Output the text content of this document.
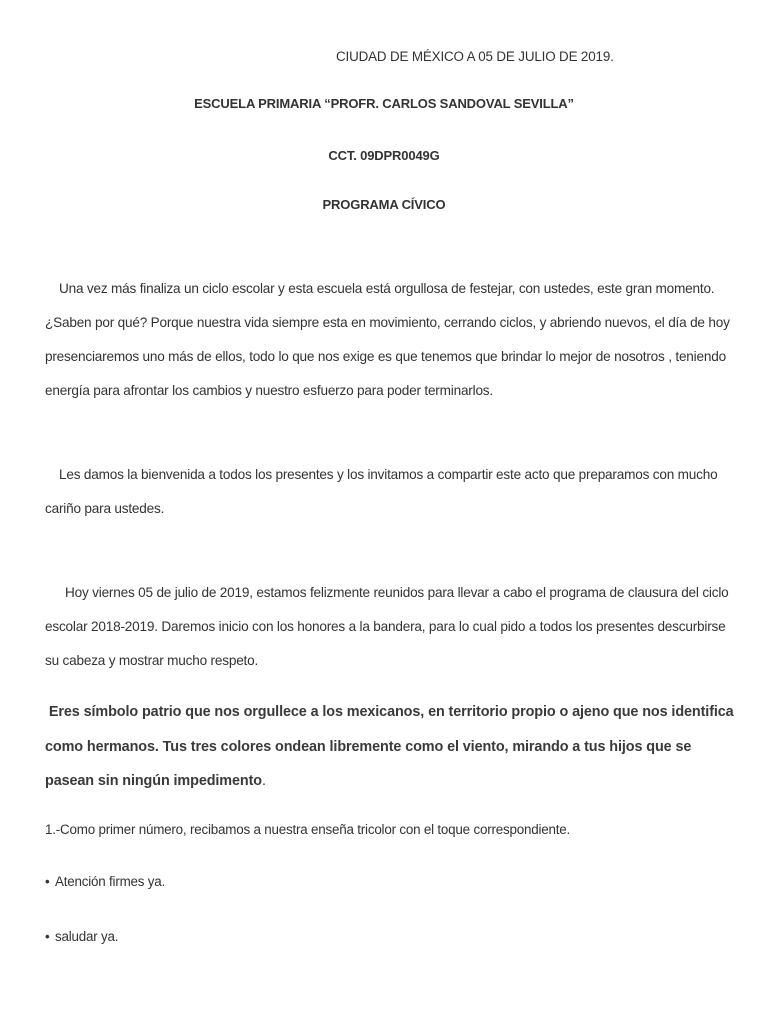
CIUDAD DE MÉXICO A 05 DE JULIO DE 2019.
ESCUELA PRIMARIA “PROFR. CARLOS SANDOVAL SEVILLA”
CCT. 09DPR0049G
PROGRAMA CÍVICO

Una vez más finaliza un ciclo escolar y esta escuela está orgullosa de festejar, con ustedes, este gran momento. ¿Saben por qué? Porque nuestra vida siempre esta en movimiento, cerrando ciclos, y abriendo nuevos, el día de hoy presenciaremos uno más de ellos, todo lo que nos exige es que tenemos que brindar lo mejor de nosotros , teniendo energía para afrontar los cambios y nuestro esfuerzo para poder terminarlos.

Les damos la bienvenida a todos los presentes y los invitamos a compartir este acto que preparamos con mucho cariño para ustedes.

Hoy viernes 05 de julio de 2019, estamos felizmente reunidos para llevar a cabo el programa de clausura del ciclo escolar 2018-2019. Daremos inicio con los honores a la bandera, para lo cual pido a todos los presentes descurbirse su cabeza y mostrar mucho respeto.

Eres símbolo patrio que nos orgullece a los mexicanos, en territorio propio o ajeno que nos identifica como hermanos. Tus tres colores ondean libremente como el viento, mirando a tus hijos que se pasean sin ningún impedimento.
1.-Como primer número, recibamos a nuestra enseña tricolor con el toque correspondiente.
• Atención firmes ya.
• saludar ya.
